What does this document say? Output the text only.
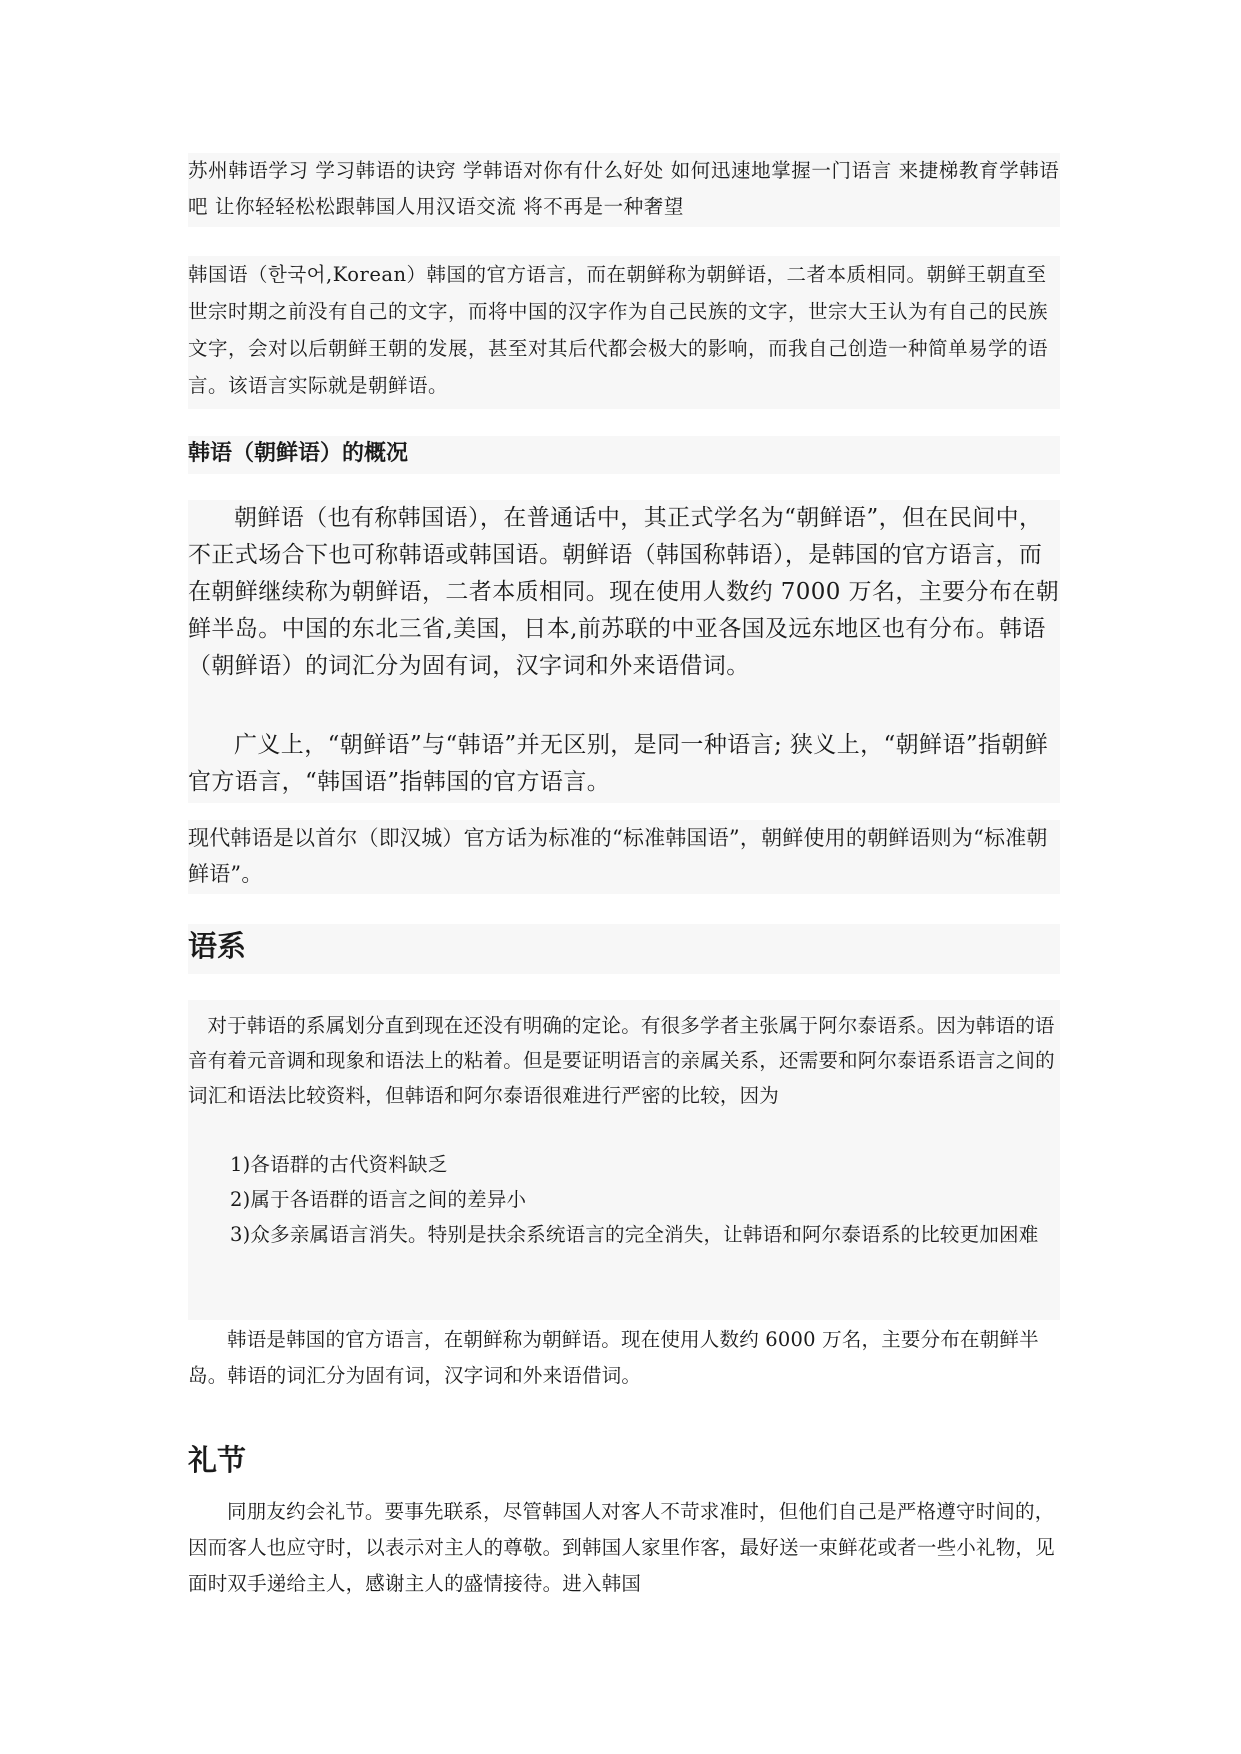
苏州韩语学习 学习韩语的诀窍 学韩语对你有什么好处 如何迅速地掌握一门语言 来捷梯教育学韩语吧 让你轻轻松松跟韩国人用汉语交流 将不再是一种奢望

韩国语（한국어,Korean）韩国的官方语言，而在朝鲜称为朝鲜语，二者本质相同。朝鲜王朝直至世宗时期之前没有自己的文字，而将中国的汉字作为自己民族的文字，世宗大王认为有自己的民族文字，会对以后朝鲜王朝的发展，甚至对其后代都会极大的影响，而我自己创造一种简单易学的语言。该语言实际就是朝鲜语。

韩语（朝鲜语）的概况

朝鲜语（也有称韩国语），在普通话中，其正式学名为“朝鲜语”，但在民间中，不正式场合下也可称韩语或韩国语。朝鲜语（韩国称韩语），是韩国的官方语言，而在朝鲜继续称为朝鲜语，二者本质相同。现在使用人数约 7000 万名，主要分布在朝鲜半岛。中国的东北三省,美国，日本,前苏联的中亚各国及远东地区也有分布。韩语（朝鲜语）的词汇分为固有词，汉字词和外来语借词。

广义上，“朝鲜语”与“韩语”并无区别，是同一种语言; 狭义上，“朝鲜语”指朝鲜官方语言，“韩国语”指韩国的官方语言。

现代韩语是以首尔（即汉城）官方话为标准的“标准韩国语”，朝鲜使用的朝鲜语则为“标准朝鲜语”。

语系

对于韩语的系属划分直到现在还没有明确的定论。有很多学者主张属于阿尔泰语系。因为韩语的语音有着元音调和现象和语法上的粘着。但是要证明语言的亲属关系，还需要和阿尔泰语系语言之间的词汇和语法比较资料，但韩语和阿尔泰语很难进行严密的比较，因为

1)各语群的古代资料缺乏

2)属于各语群的语言之间的差异小

3)众多亲属语言消失。特别是扶余系统语言的完全消失，让韩语和阿尔泰语系的比较更加困难

韩语是韩国的官方语言，在朝鲜称为朝鲜语。现在使用人数约 6000 万名，主要分布在朝鲜半岛。韩语的词汇分为固有词，汉字词和外来语借词。

礼节

同朋友约会礼节。要事先联系，尽管韩国人对客人不苛求准时，但他们自己是严格遵守时间的，因而客人也应守时，以表示对主人的尊敬。到韩国人家里作客，最好送一束鲜花或者一些小礼物，见面时双手递给主人，感谢主人的盛情接待。进入韩国
